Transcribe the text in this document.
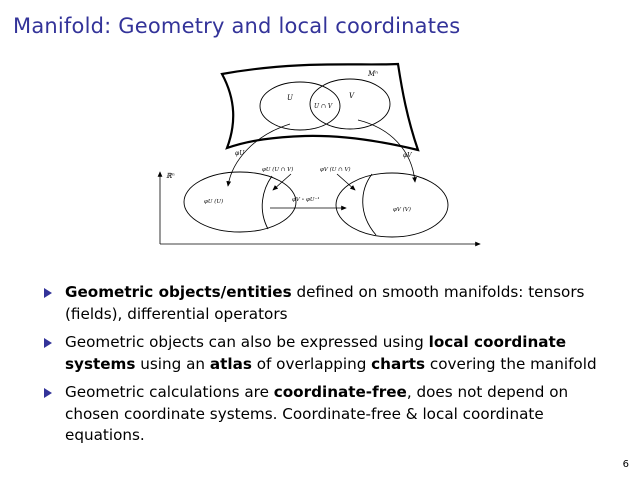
Manifold: Geometry and local coordinates
Mⁿ
U	V
U ∩ V
φU	φV
ℝⁿ
φU (U ∩ V)	φV (U ∩ V)
φV ∘ φU⁻¹
φU (U)
φV (V)
Geometric objects/entities defined on smooth manifolds: tensors (fields), differential operators
Geometric objects can also be expressed using local coordinate systems using an atlas of overlapping charts covering the manifold
Geometric calculations are coordinate-free, does not depend on chosen coordinate systems. Coordinate-free & local coordinate equations.
6
